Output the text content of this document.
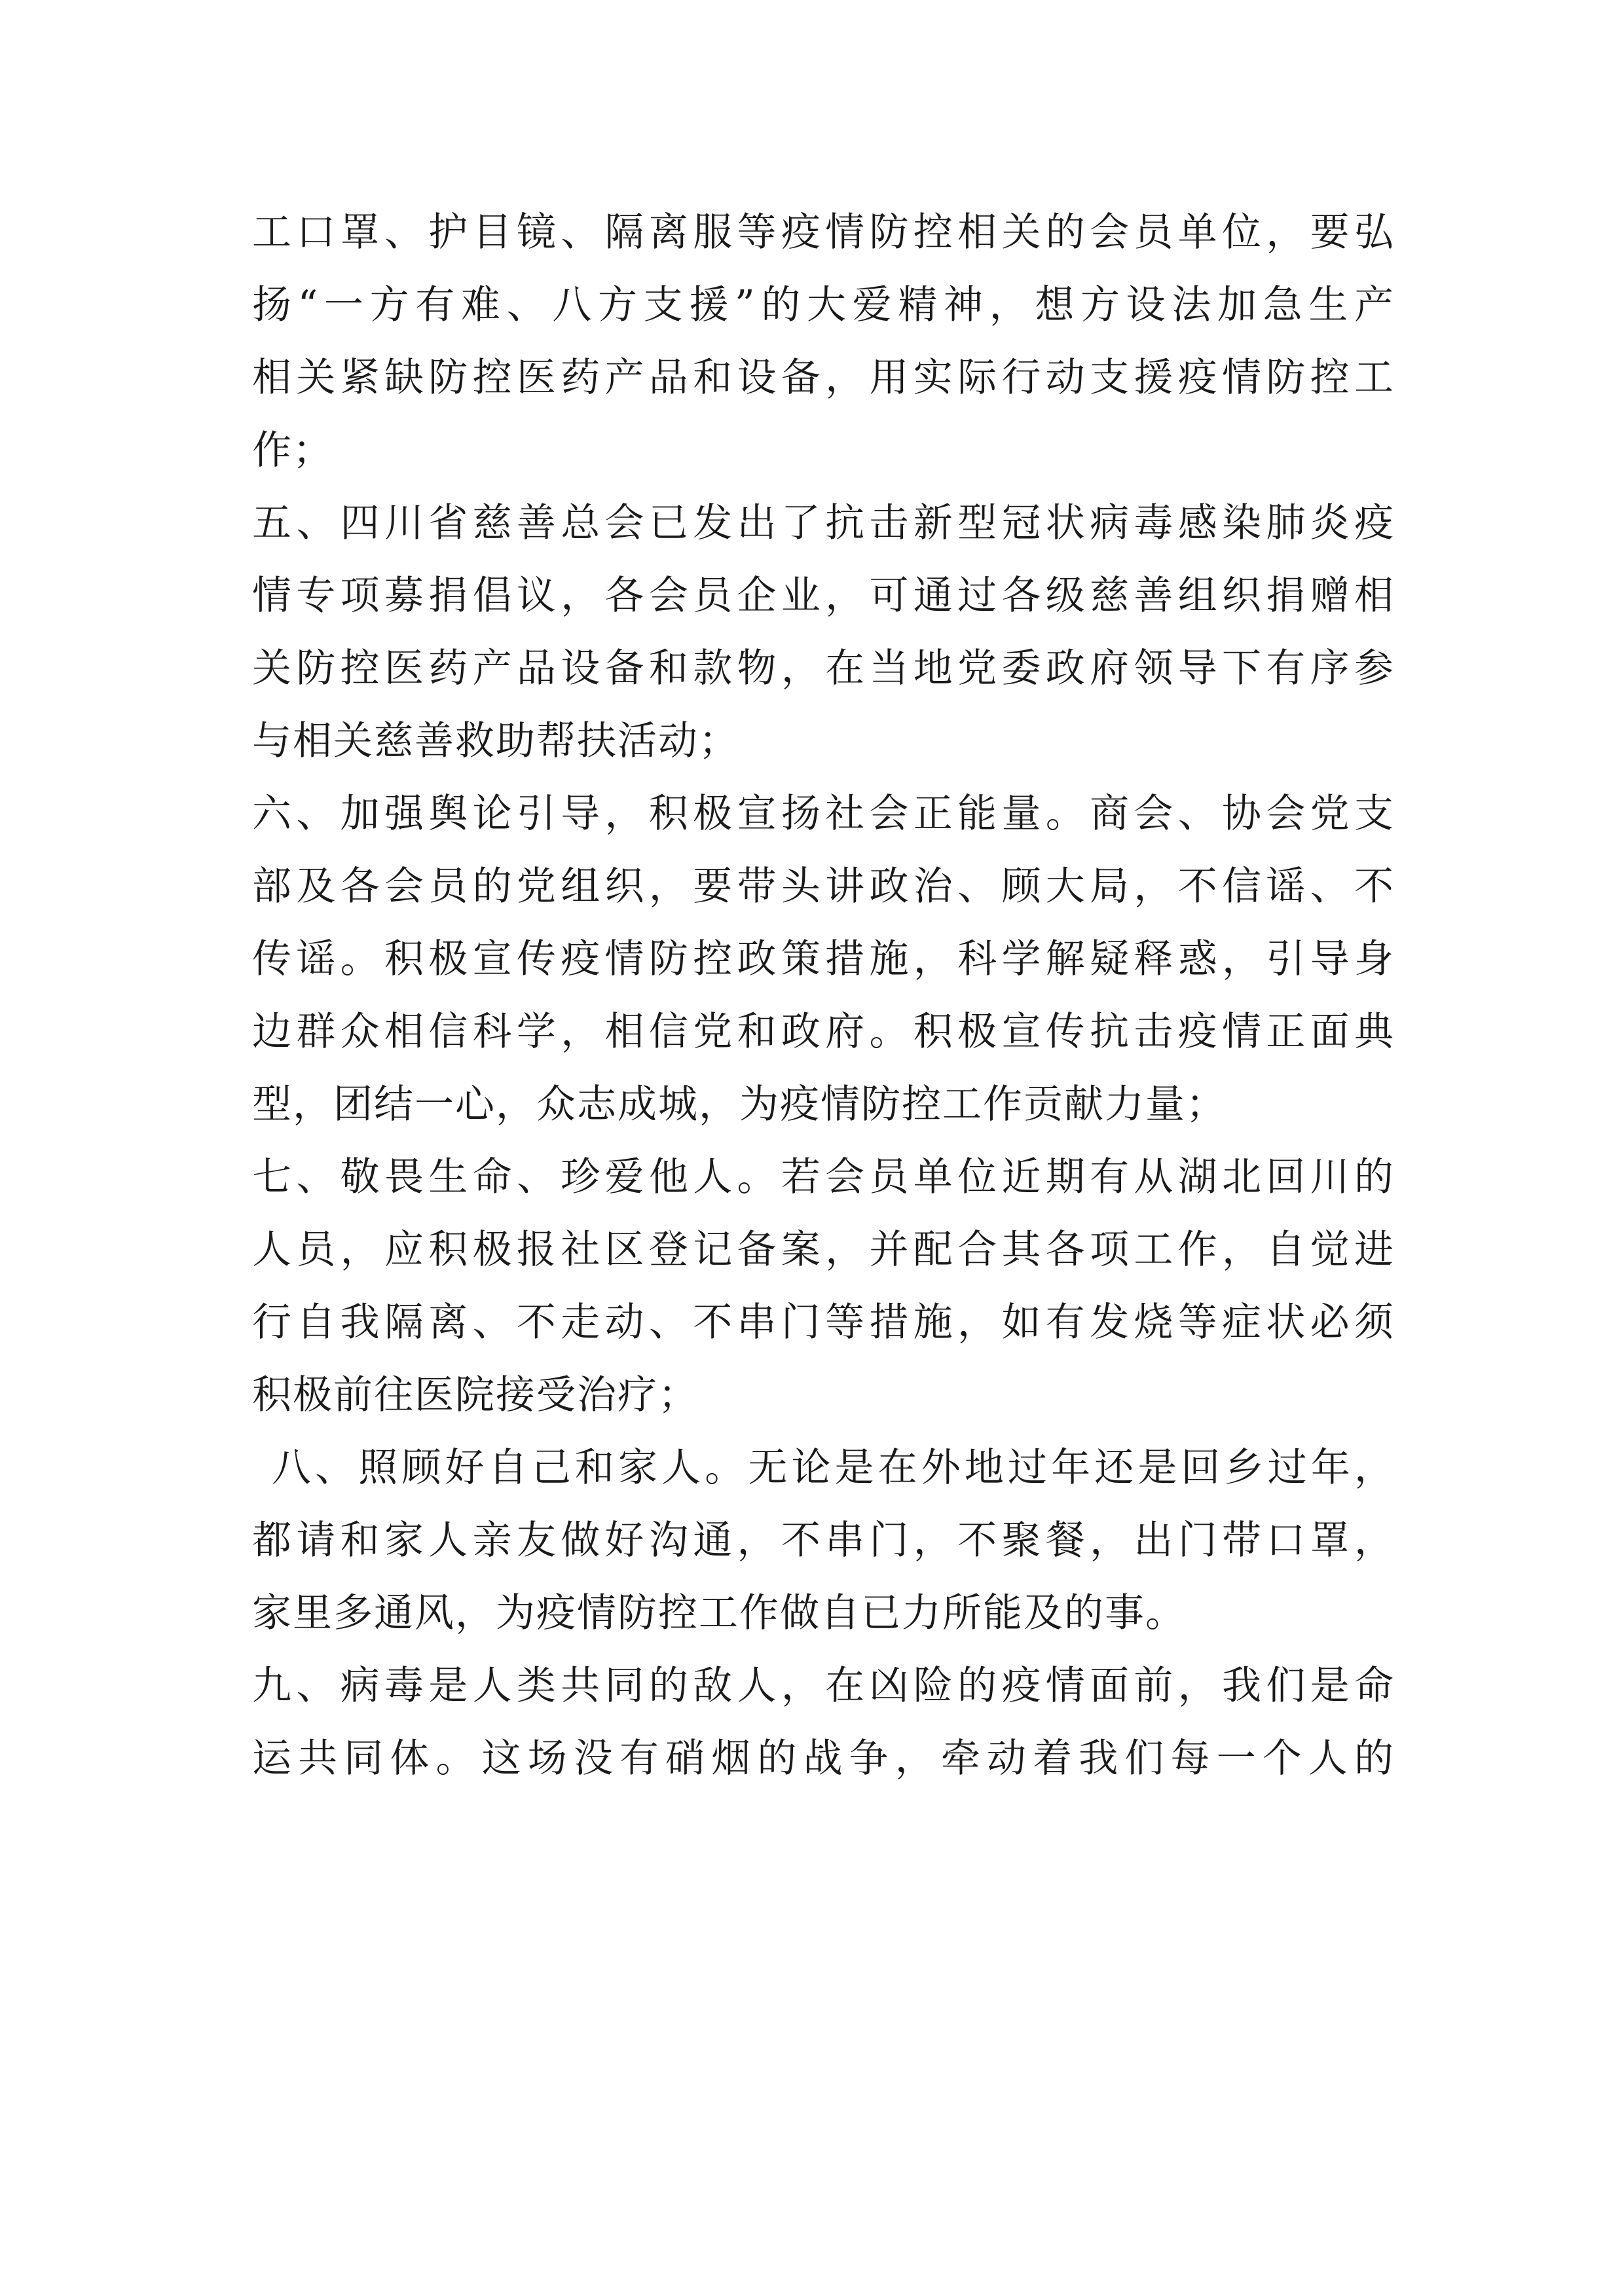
工口罩、护目镜、隔离服等疫情防控相关的会员单位，要弘
扬“一方有难、八方支援”的大爱精神，想方设法加急生产
相关紧缺防控医药产品和设备，用实际行动支援疫情防控工
作；
五、四川省慈善总会已发出了抗击新型冠状病毒感染肺炎疫
情专项募捐倡议，各会员企业，可通过各级慈善组织捐赠相
关防控医药产品设备和款物，在当地党委政府领导下有序参
与相关慈善救助帮扶活动；
六、加强舆论引导，积极宣扬社会正能量。商会、协会党支
部及各会员的党组织，要带头讲政治、顾大局，不信谣、不
传谣。积极宣传疫情防控政策措施，科学解疑释惑，引导身
边群众相信科学，相信党和政府。积极宣传抗击疫情正面典
型，团结一心，众志成城，为疫情防控工作贡献力量；
七、敬畏生命、珍爱他人。若会员单位近期有从湖北回川的
人员，应积极报社区登记备案，并配合其各项工作，自觉进
行自我隔离、不走动、不串门等措施，如有发烧等症状必须
积极前往医院接受治疗；
八、照顾好自己和家人。无论是在外地过年还是回乡过年，
都请和家人亲友做好沟通，不串门，不聚餐，出门带口罩，
家里多通风，为疫情防控工作做自已力所能及的事。
九、病毒是人类共同的敌人，在凶险的疫情面前，我们是命
运共同体。这场没有硝烟的战争，牵动着我们每一个人的
